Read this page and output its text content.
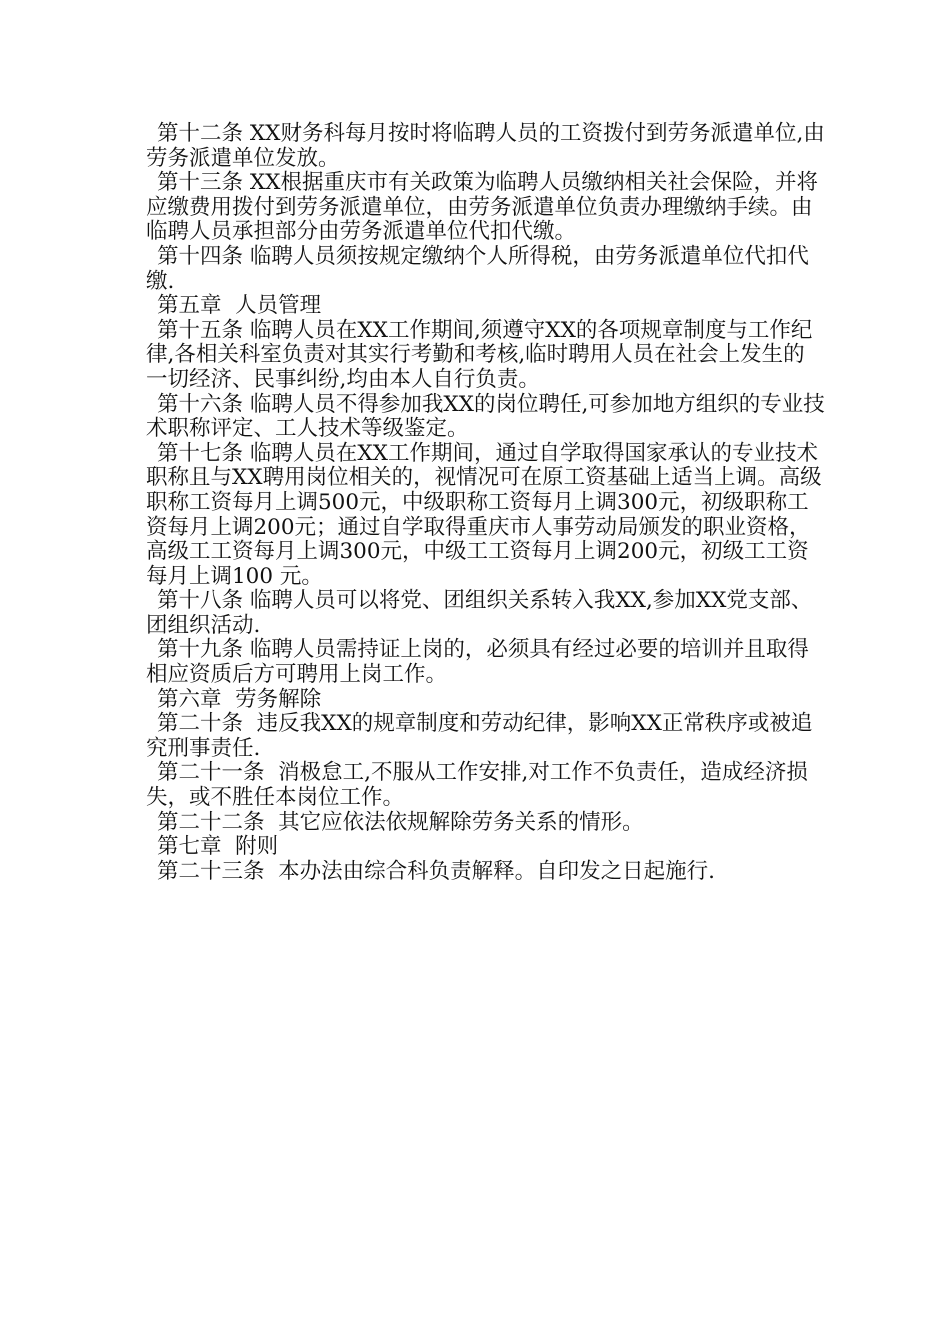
第十二条 XX财务科每月按时将临聘人员的工资拨付到劳务派遣单位,由劳务派遣单位发放。

第十三条 XX根据重庆市有关政策为临聘人员缴纳相关社会保险，并将应缴费用拨付到劳务派遣单位，由劳务派遣单位负责办理缴纳手续。由临聘人员承担部分由劳务派遣单位代扣代缴。

第十四条 临聘人员须按规定缴纳个人所得税，由劳务派遣单位代扣代缴.

第五章  人员管理

第十五条 临聘人员在XX工作期间,须遵守XX的各项规章制度与工作纪律,各相关科室负责对其实行考勤和考核,临时聘用人员在社会上发生的一切经济、民事纠纷,均由本人自行负责。

第十六条 临聘人员不得参加我XX的岗位聘任,可参加地方组织的专业技术职称评定、工人技术等级鉴定。

第十七条 临聘人员在XX工作期间，通过自学取得国家承认的专业技术职称且与XX聘用岗位相关的，视情况可在原工资基础上适当上调。高级职称工资每月上调500元，中级职称工资每月上调300元，初级职称工资每月上调200元；通过自学取得重庆市人事劳动局颁发的职业资格，高级工工资每月上调300元，中级工工资每月上调200元，初级工工资每月上调100 元。

第十八条 临聘人员可以将党、团组织关系转入我XX,参加XX党支部、团组织活动.

第十九条 临聘人员需持证上岗的，必须具有经过必要的培训并且取得相应资质后方可聘用上岗工作。

第六章  劳务解除

第二十条  违反我XX的规章制度和劳动纪律，影响XX正常秩序或被追究刑事责任.

第二十一条  消极怠工,不服从工作安排,对工作不负责任，造成经济损失，或不胜任本岗位工作。

第二十二条  其它应依法依规解除劳务关系的情形。

第七章  附则

第二十三条  本办法由综合科负责解释。自印发之日起施行.
